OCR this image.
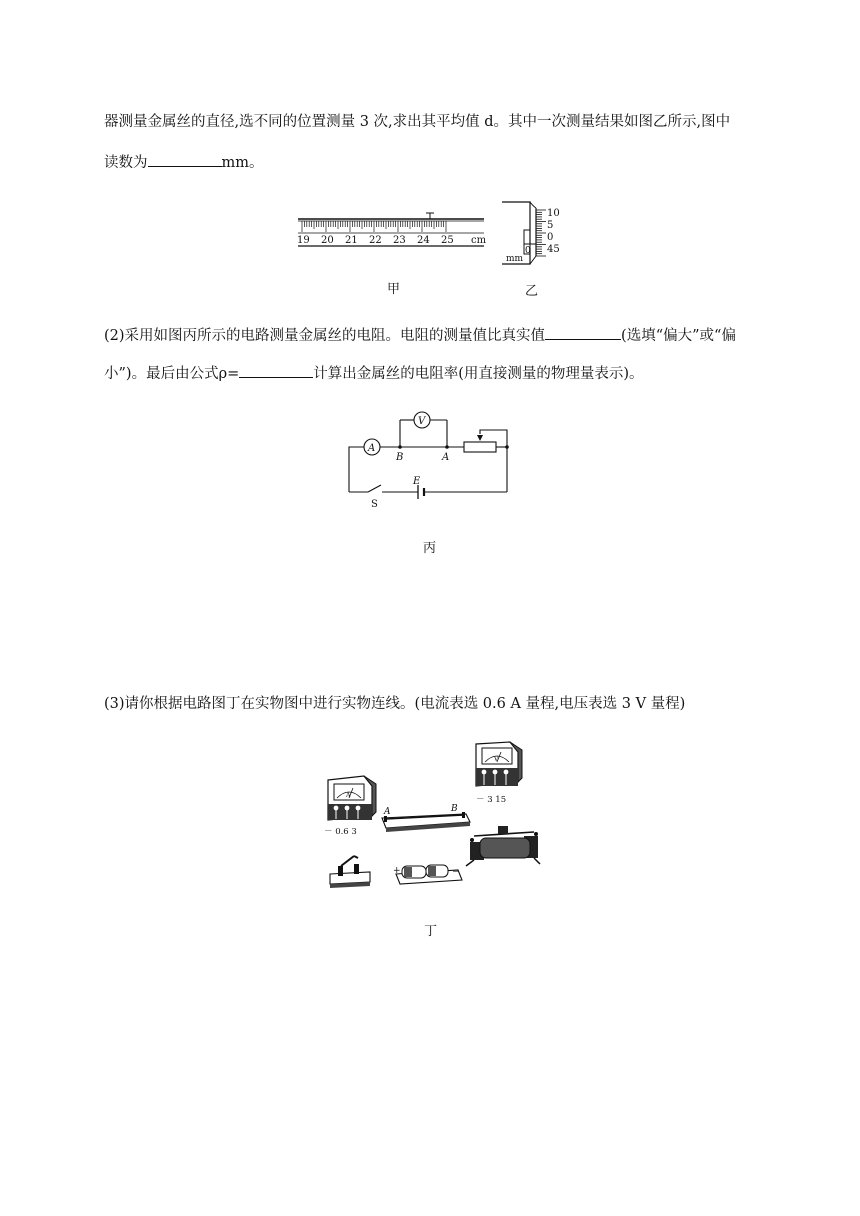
器测量金属丝的直径,选不同的位置测量 3 次,求出其平均值 d。其中一次测量结果如图乙所示,图中
读数为	mm。
19 20 21 22 23 24 25 cm
甲
10
5
0
45
0
mm
乙
(2)采用如图丙所示的电路测量金属丝的电阻。电阻的测量值比真实值	(选填“偏大”或“偏
小”)。最后由公式ρ=	计算出金属丝的电阻率(用直接测量的物理量表示)。
A
V
B	A
E
S
丙
(3)请你根据电路图丁在实物图中进行实物连线。(电流表选 0.6 A 量程,电压表选 3 V 量程)
A
－ 0.6 3
V
－ 3 15
A	B
+	−
丁
